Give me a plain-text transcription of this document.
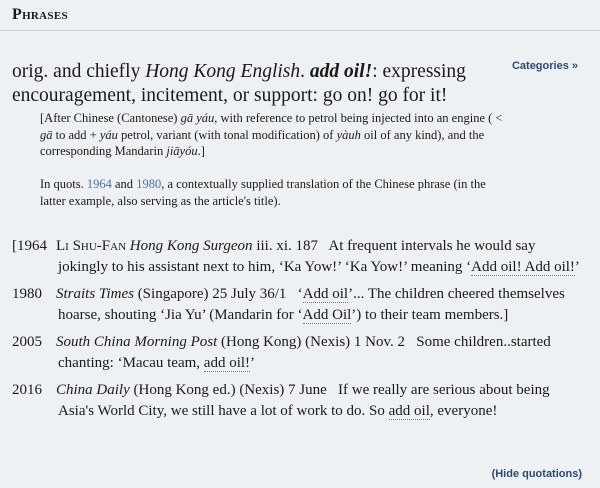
Phrases
Categories »
orig. and chiefly Hong Kong English. add oil!: expressing encouragement, incitement, or support: go on! go for it!
[After Chinese (Cantonese) gā yáu, with reference to petrol being injected into an engine ( < gā to add + yáu petrol, variant (with tonal modification) of yàuh oil of any kind), and the corresponding Mandarin jiāyóu.]
In quots. 1964 and 1980, a contextually supplied translation of the Chinese phrase (in the latter example, also serving as the article's title).
[1964 Li Shu-Fan Hong Kong Surgeon iii. xi. 187 At frequent intervals he would say jokingly to his assistant next to him, ‘Ka Yow!’ ‘Ka Yow!’ meaning ‘Add oil! Add oil!’
1980 Straits Times (Singapore) 25 July 36/1 ‘Add oil’... The children cheered themselves hoarse, shouting ‘Jia Yu’ (Mandarin for ‘Add Oil’) to their team members.]
2005 South China Morning Post (Hong Kong) (Nexis) 1 Nov. 2 Some children..started chanting: ‘Macau team, add oil!’
2016 China Daily (Hong Kong ed.) (Nexis) 7 June If we really are serious about being Asia's World City, we still have a lot of work to do. So add oil, everyone!
(Hide quotations)
